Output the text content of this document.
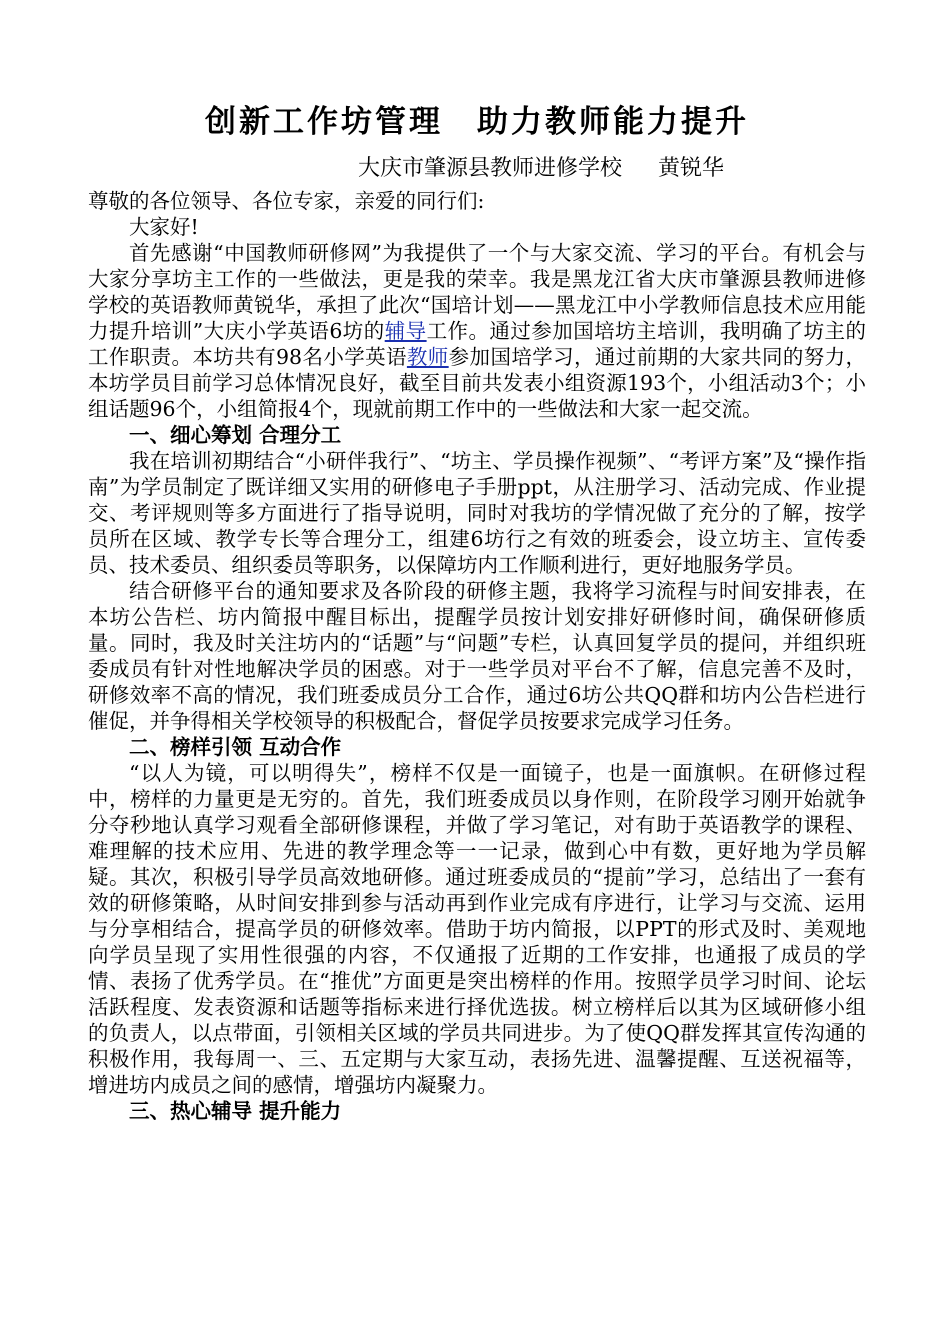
创新工作坊管理　助力教师能力提升
大庆市肇源县教师进修学校 黄锐华

尊敬的各位领导、各位专家，亲爱的同行们:

大家好!

首先感谢“中国教师研修网”为我提供了一个与大家交流、学习的平台。有机会与大家分享坊主工作的一些做法，更是我的荣幸。我是黑龙江省大庆市肇源县教师进修学校的英语教师黄锐华，承担了此次“国培计划——黑龙江中小学教师信息技术应用能力提升培训”大庆小学英语6坊的辅导工作。通过参加国培坊主培训，我明确了坊主的工作职责。本坊共有98名小学英语教师参加国培学习，通过前期的大家共同的努力，本坊学员目前学习总体情况良好，截至目前共发表小组资源193个，小组活动3个；小组话题96个，小组简报4个，现就前期工作中的一些做法和大家一起交流。

一、细心筹划 合理分工

我在培训初期结合“小研伴我行”、“坊主、学员操作视频”、“考评方案”及“操作指南”为学员制定了既详细又实用的研修电子手册ppt，从注册学习、活动完成、作业提交、考评规则等多方面进行了指导说明，同时对我坊的学情况做了充分的了解，按学员所在区域、教学专长等合理分工，组建6坊行之有效的班委会，设立坊主、宣传委员、技术委员、组织委员等职务，以保障坊内工作顺利进行，更好地服务学员。

结合研修平台的通知要求及各阶段的研修主题，我将学习流程与时间安排表，在本坊公告栏、坊内简报中醒目标出，提醒学员按计划安排好研修时间，确保研修质量。同时，我及时关注坊内的“话题”与“问题”专栏，认真回复学员的提问，并组织班委成员有针对性地解决学员的困惑。对于一些学员对平台不了解，信息完善不及时，研修效率不高的情况，我们班委成员分工合作，通过6坊公共QQ群和坊内公告栏进行催促，并争得相关学校领导的积极配合，督促学员按要求完成学习任务。

二、榜样引领 互动合作

“以人为镜，可以明得失”，榜样不仅是一面镜子，也是一面旗帜。在研修过程中，榜样的力量更是无穷的。首先，我们班委成员以身作则，在阶段学习刚开始就争分夺秒地认真学习观看全部研修课程，并做了学习笔记，对有助于英语教学的课程、难理解的技术应用、先进的教学理念等一一记录，做到心中有数，更好地为学员解疑。其次，积极引导学员高效地研修。通过班委成员的“提前”学习，总结出了一套有效的研修策略，从时间安排到参与活动再到作业完成有序进行，让学习与交流、运用与分享相结合，提高学员的研修效率。借助于坊内简报，以PPT的形式及时、美观地向学员呈现了实用性很强的内容，不仅通报了近期的工作安排，也通报了成员的学情、表扬了优秀学员。在“推优”方面更是突出榜样的作用。按照学员学习时间、论坛活跃程度、发表资源和话题等指标来进行择优选拔。树立榜样后以其为区域研修小组的负责人，以点带面，引领相关区域的学员共同进步。为了使QQ群发挥其宣传沟通的积极作用，我每周一、三、五定期与大家互动，表扬先进、温馨提醒、互送祝福等，增进坊内成员之间的感情，增强坊内凝聚力。

三、热心辅导 提升能力
